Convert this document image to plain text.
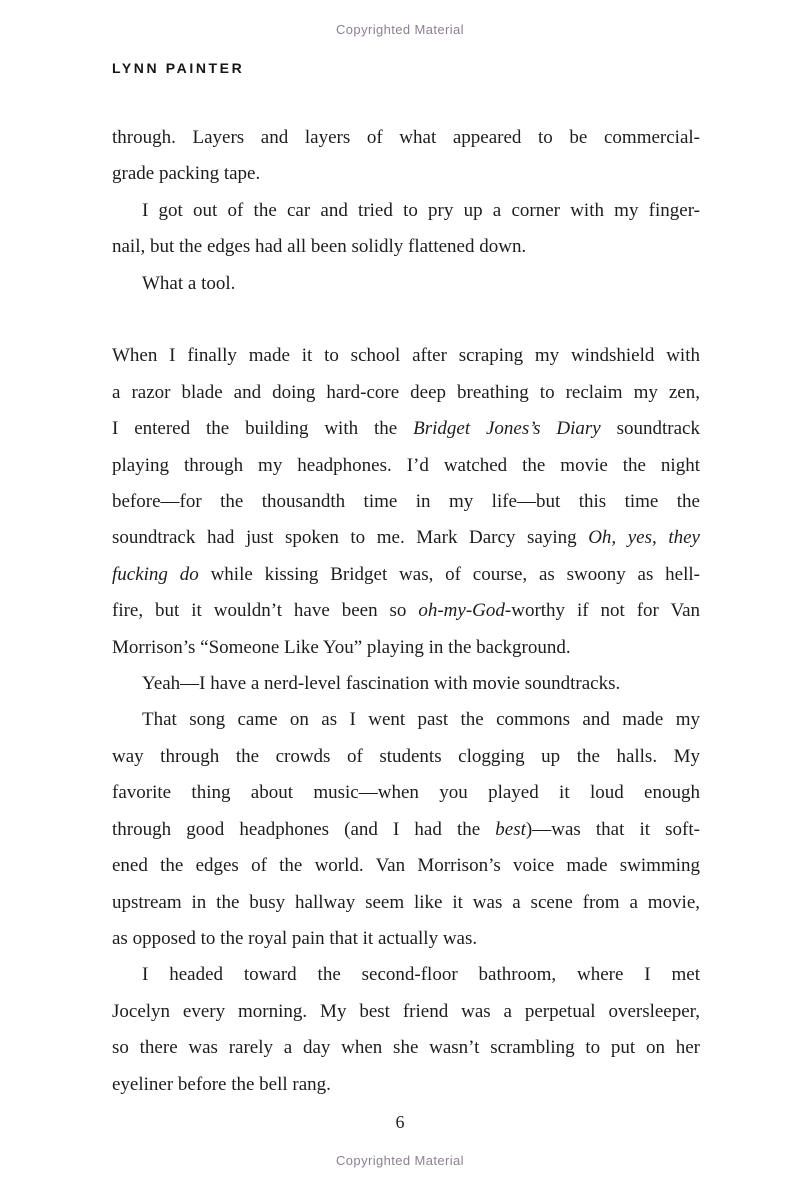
Copyrighted Material
LYNN PAINTER
through. Layers and layers of what appeared to be commercial-
grade packing tape.
I got out of the car and tried to pry up a corner with my finger-
nail, but the edges had all been solidly flattened down.
What a tool.
When I finally made it to school after scraping my windshield with
a razor blade and doing hard-core deep breathing to reclaim my zen,
I entered the building with the Bridget Jones’s Diary soundtrack
playing through my headphones. I’d watched the movie the night
before—for the thousandth time in my life—but this time the
soundtrack had just spoken to me. Mark Darcy saying Oh, yes, they
fucking do while kissing Bridget was, of course, as swoony as hell-
fire, but it wouldn’t have been so oh-my-God-worthy if not for Van
Morrison’s “Someone Like You” playing in the background.
Yeah—I have a nerd-level fascination with movie soundtracks.
That song came on as I went past the commons and made my
way through the crowds of students clogging up the halls. My
favorite thing about music—when you played it loud enough
through good headphones (and I had the best)—was that it soft-
ened the edges of the world. Van Morrison’s voice made swimming
upstream in the busy hallway seem like it was a scene from a movie,
as opposed to the royal pain that it actually was.
I headed toward the second-floor bathroom, where I met
Jocelyn every morning. My best friend was a perpetual oversleeper,
so there was rarely a day when she wasn’t scrambling to put on her
eyeliner before the bell rang.
6
Copyrighted Material
